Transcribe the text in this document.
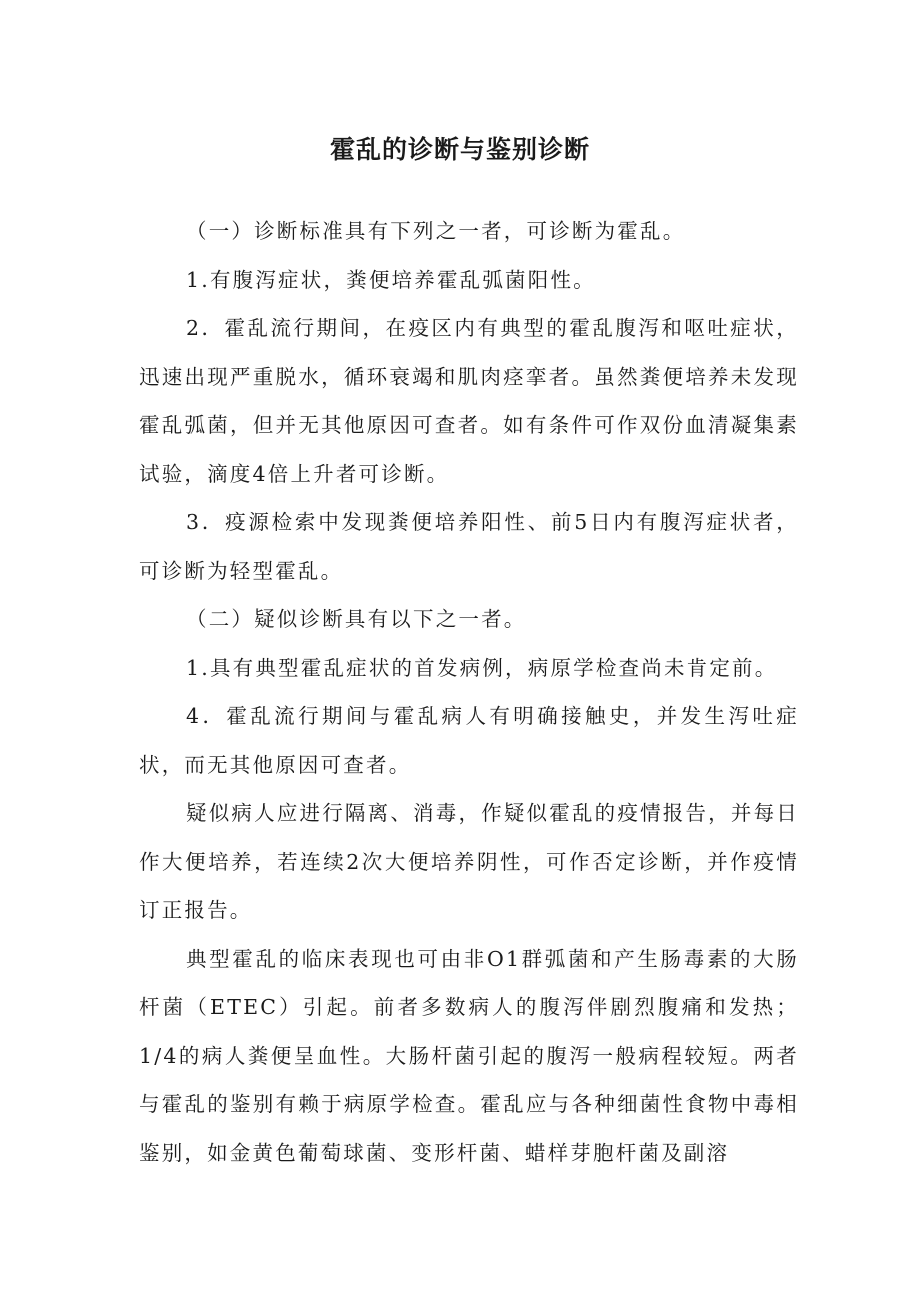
霍乱的诊断与鉴别诊断

（一）诊断标准具有下列之一者，可诊断为霍乱。

1.有腹泻症状，粪便培养霍乱弧菌阳性。

2．霍乱流行期间，在疫区内有典型的霍乱腹泻和呕吐症状，迅速出现严重脱水，循环衰竭和肌肉痉挛者。虽然粪便培养未发现霍乱弧菌，但并无其他原因可查者。如有条件可作双份血清凝集素试验，滴度4倍上升者可诊断。

3．疫源检索中发现粪便培养阳性、前5日内有腹泻症状者，可诊断为轻型霍乱。

（二）疑似诊断具有以下之一者。

1.具有典型霍乱症状的首发病例，病原学检查尚未肯定前。

4．霍乱流行期间与霍乱病人有明确接触史，并发生泻吐症状，而无其他原因可查者。

疑似病人应进行隔离、消毒，作疑似霍乱的疫情报告，并每日作大便培养，若连续2次大便培养阴性，可作否定诊断，并作疫情订正报告。

典型霍乱的临床表现也可由非O1群弧菌和产生肠毒素的大肠杆菌（ETEC）引起。前者多数病人的腹泻伴剧烈腹痛和发热；1/4的病人粪便呈血性。大肠杆菌引起的腹泻一般病程较短。两者与霍乱的鉴别有赖于病原学检查。霍乱应与各种细菌性食物中毒相鉴别，如金黄色葡萄球菌、变形杆菌、蜡样芽胞杆菌及副溶
